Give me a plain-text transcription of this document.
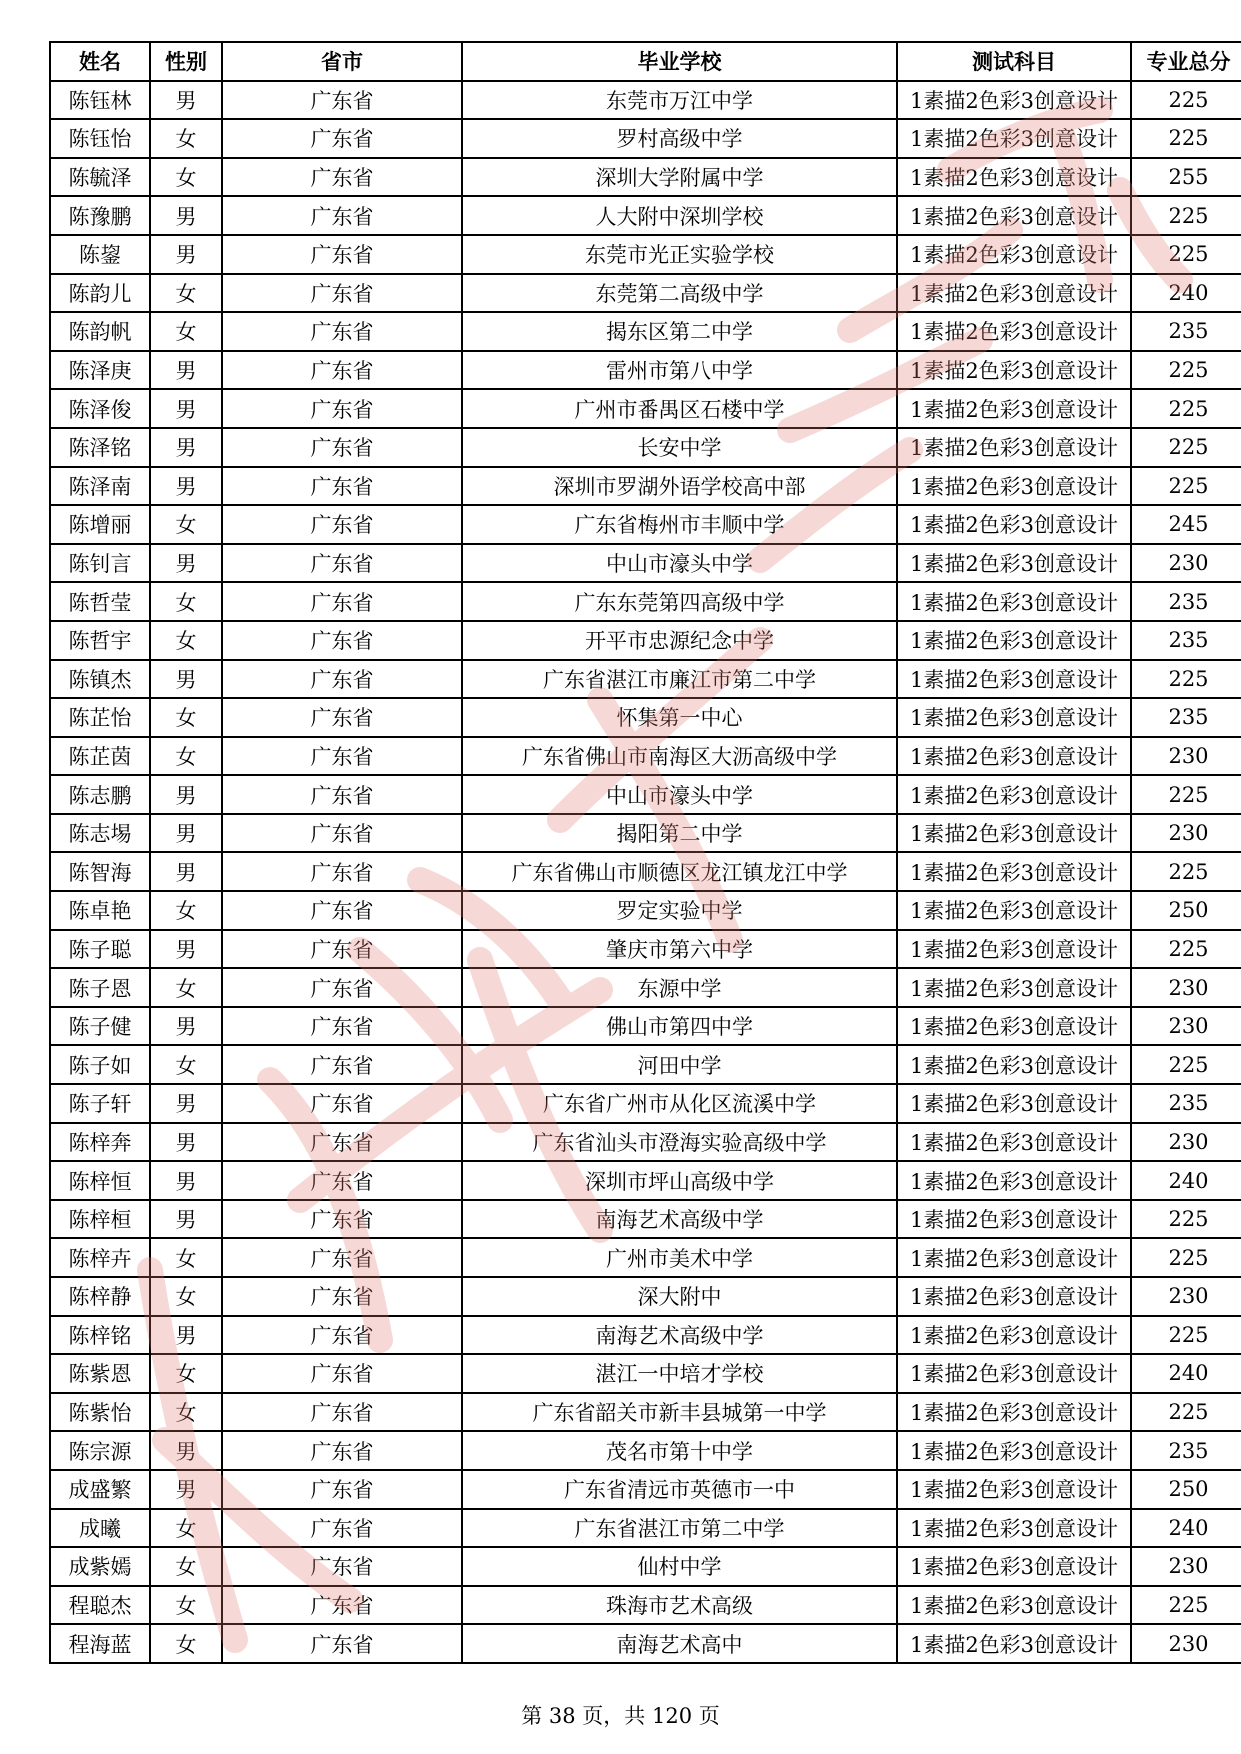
姓名	性别	省市	毕业学校	测试科目	专业总分
陈钰林	男	广东省	东莞市万江中学	1素描2色彩3创意设计	225
陈钰怡	女	广东省	罗村高级中学	1素描2色彩3创意设计	225
陈毓泽	女	广东省	深圳大学附属中学	1素描2色彩3创意设计	255
陈豫鹏	男	广东省	人大附中深圳学校	1素描2色彩3创意设计	225
陈鋆	男	广东省	东莞市光正实验学校	1素描2色彩3创意设计	225
陈韵儿	女	广东省	东莞第二高级中学	1素描2色彩3创意设计	240
陈韵帆	女	广东省	揭东区第二中学	1素描2色彩3创意设计	235
陈泽庚	男	广东省	雷州市第八中学	1素描2色彩3创意设计	225
陈泽俊	男	广东省	广州市番禺区石楼中学	1素描2色彩3创意设计	225
陈泽铭	男	广东省	长安中学	1素描2色彩3创意设计	225
陈泽南	男	广东省	深圳市罗湖外语学校高中部	1素描2色彩3创意设计	225
陈增丽	女	广东省	广东省梅州市丰顺中学	1素描2色彩3创意设计	245
陈钊言	男	广东省	中山市濠头中学	1素描2色彩3创意设计	230
陈哲莹	女	广东省	广东东莞第四高级中学	1素描2色彩3创意设计	235
陈哲宇	女	广东省	开平市忠源纪念中学	1素描2色彩3创意设计	235
陈镇杰	男	广东省	广东省湛江市廉江市第二中学	1素描2色彩3创意设计	225
陈芷怡	女	广东省	怀集第一中心	1素描2色彩3创意设计	235
陈芷茵	女	广东省	广东省佛山市南海区大沥高级中学	1素描2色彩3创意设计	230
陈志鹏	男	广东省	中山市濠头中学	1素描2色彩3创意设计	225
陈志埸	男	广东省	揭阳第二中学	1素描2色彩3创意设计	230
陈智海	男	广东省	广东省佛山市顺德区龙江镇龙江中学	1素描2色彩3创意设计	225
陈卓艳	女	广东省	罗定实验中学	1素描2色彩3创意设计	250
陈子聪	男	广东省	肇庆市第六中学	1素描2色彩3创意设计	225
陈子恩	女	广东省	东源中学	1素描2色彩3创意设计	230
陈子健	男	广东省	佛山市第四中学	1素描2色彩3创意设计	230
陈子如	女	广东省	河田中学	1素描2色彩3创意设计	225
陈子轩	男	广东省	广东省广州市从化区流溪中学	1素描2色彩3创意设计	235
陈梓奔	男	广东省	广东省汕头市澄海实验高级中学	1素描2色彩3创意设计	230
陈梓恒	男	广东省	深圳市坪山高级中学	1素描2色彩3创意设计	240
陈梓桓	男	广东省	南海艺术高级中学	1素描2色彩3创意设计	225
陈梓卉	女	广东省	广州市美术中学	1素描2色彩3创意设计	225
陈梓静	女	广东省	深大附中	1素描2色彩3创意设计	230
陈梓铭	男	广东省	南海艺术高级中学	1素描2色彩3创意设计	225
陈紫恩	女	广东省	湛江一中培才学校	1素描2色彩3创意设计	240
陈紫怡	女	广东省	广东省韶关市新丰县城第一中学	1素描2色彩3创意设计	225
陈宗源	男	广东省	茂名市第十中学	1素描2色彩3创意设计	235
成盛繁	男	广东省	广东省清远市英德市一中	1素描2色彩3创意设计	250
成曦	女	广东省	广东省湛江市第二中学	1素描2色彩3创意设计	240
成紫嫣	女	广东省	仙村中学	1素描2色彩3创意设计	230
程聪杰	女	广东省	珠海市艺术高级	1素描2色彩3创意设计	225
程海蓝	女	广东省	南海艺术高中	1素描2色彩3创意设计	230
第 38 页，共 120 页
